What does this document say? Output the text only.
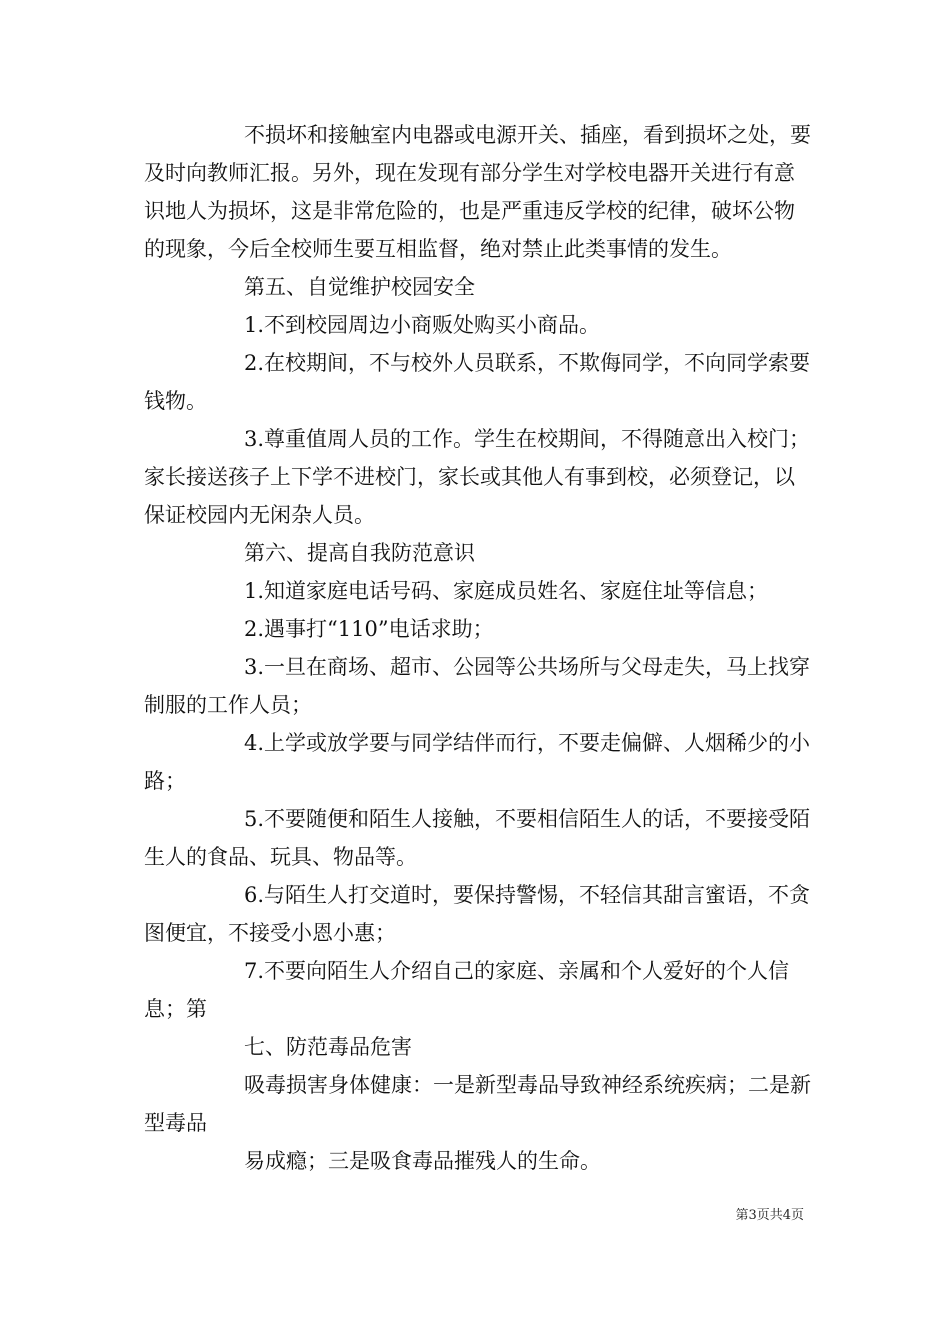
不损坏和接触室内电器或电源开关、插座，看到损坏之处，要及时向教师汇报。另外，现在发现有部分学生对学校电器开关进行有意识地人为损坏，这是非常危险的，也是严重违反学校的纪律，破坏公物的现象，今后全校师生要互相监督，绝对禁止此类事情的发生。

第五、自觉维护校园安全

1.不到校园周边小商贩处购买小商品。

2.在校期间，不与校外人员联系，不欺侮同学，不向同学索要钱物。

3.尊重值周人员的工作。学生在校期间，不得随意出入校门；家长接送孩子上下学不进校门，家长或其他人有事到校，必须登记，以保证校园内无闲杂人员。

第六、提高自我防范意识

1.知道家庭电话号码、家庭成员姓名、家庭住址等信息；

2.遇事打“110”电话求助；

3.一旦在商场、超市、公园等公共场所与父母走失，马上找穿制服的工作人员；

4.上学或放学要与同学结伴而行，不要走偏僻、人烟稀少的小路；

5.不要随便和陌生人接触，不要相信陌生人的话，不要接受陌生人的食品、玩具、物品等。

6.与陌生人打交道时，要保持警惕，不轻信其甜言蜜语，不贪图便宜，不接受小恩小惠；

7.不要向陌生人介绍自己的家庭、亲属和个人爱好的个人信息；第

七、防范毒品危害

吸毒损害身体健康：一是新型毒品导致神经系统疾病；二是新型毒品

易成瘾；三是吸食毒品摧残人的生命。

第3页共4页
